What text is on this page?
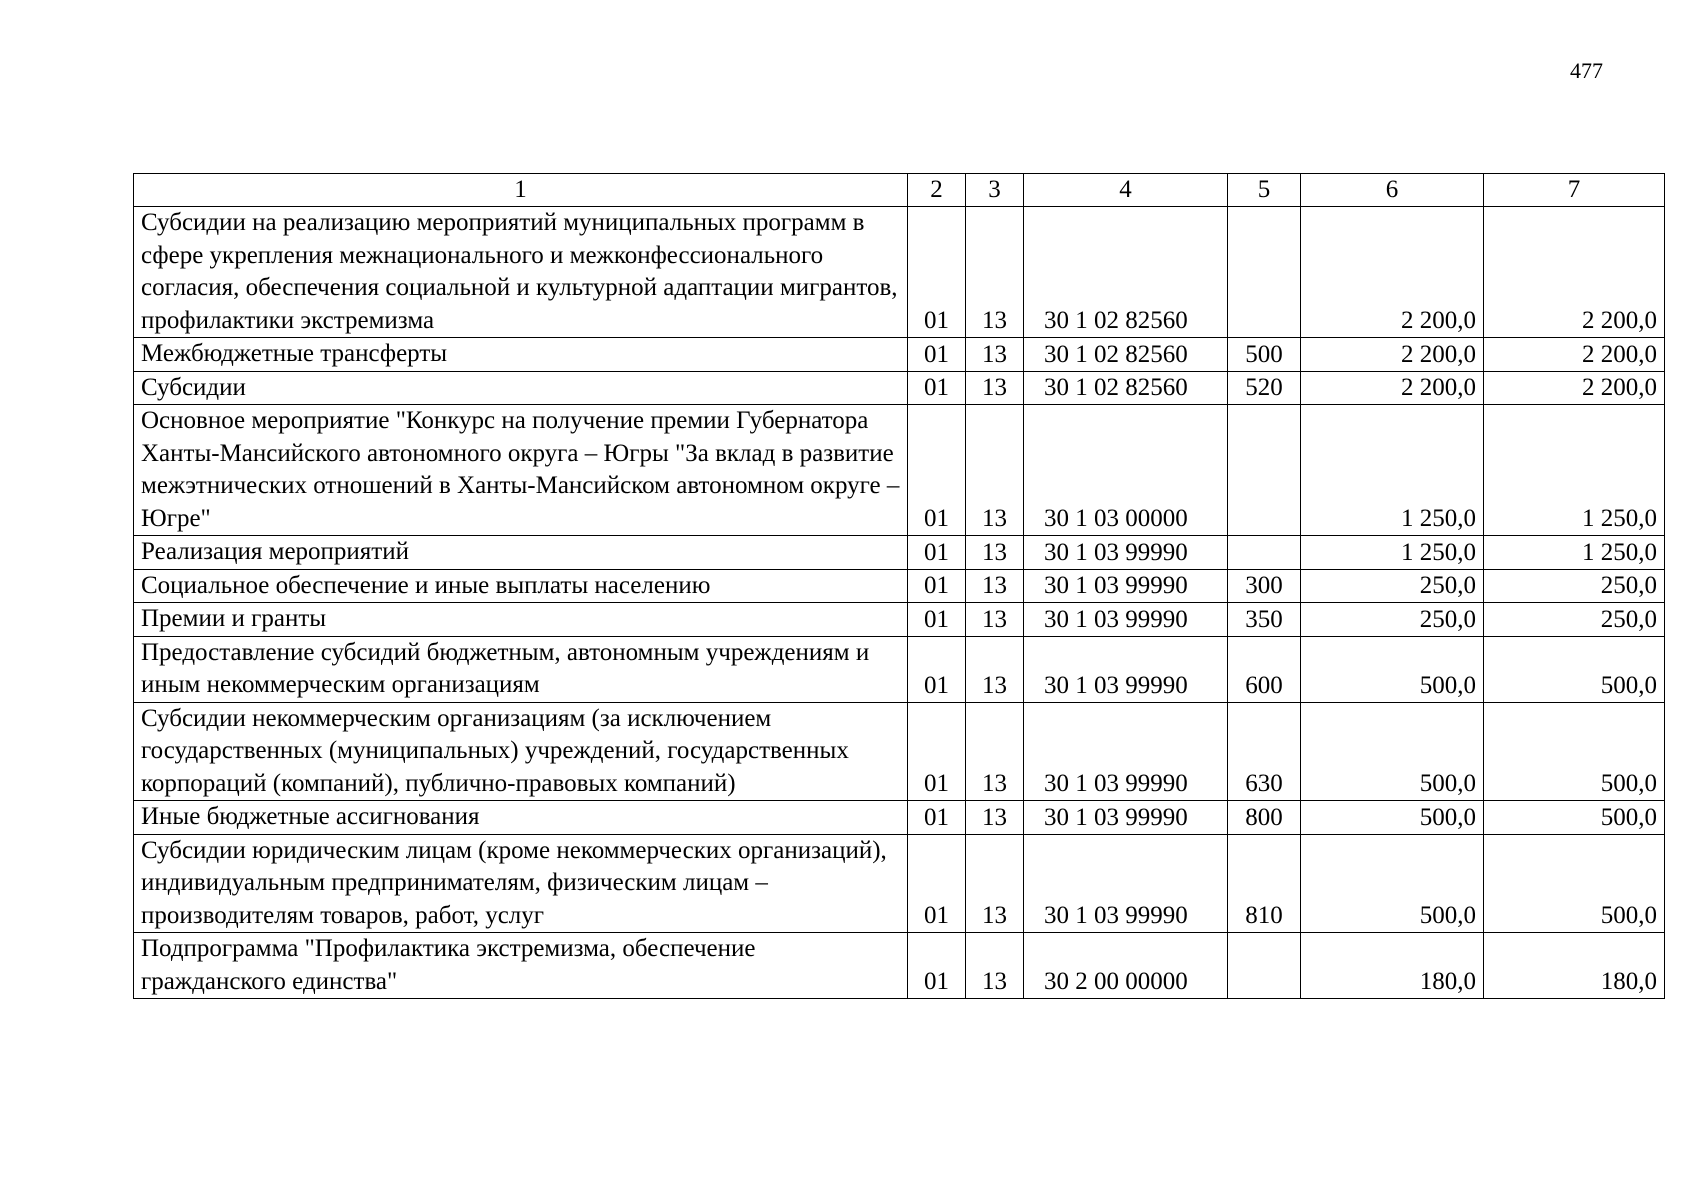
477
1	2	3	4	5	6	7
Субсидии на реализацию мероприятий муниципальных программ в сфере укрепления межнационального и межконфессионального согласия, обеспечения социальной и культурной адаптации мигрантов, профилактики экстремизма	01	13	30 1 02 82560		2 200,0	2 200,0
Межбюджетные трансферты	01	13	30 1 02 82560	500	2 200,0	2 200,0
Субсидии	01	13	30 1 02 82560	520	2 200,0	2 200,0
Основное мероприятие "Конкурс на получение премии Губернатора Ханты-Мансийского автономного округа – Югры "За вклад в развитие межэтнических отношений в Ханты-Мансийском автономном округе – Югре"	01	13	30 1 03 00000		1 250,0	1 250,0
Реализация мероприятий	01	13	30 1 03 99990		1 250,0	1 250,0
Социальное обеспечение и иные выплаты населению	01	13	30 1 03 99990	300	250,0	250,0
Премии и гранты	01	13	30 1 03 99990	350	250,0	250,0
Предоставление субсидий бюджетным, автономным учреждениям и иным некоммерческим организациям	01	13	30 1 03 99990	600	500,0	500,0
Субсидии некоммерческим организациям (за исключением государственных (муниципальных) учреждений, государственных корпораций (компаний), публично-правовых компаний)	01	13	30 1 03 99990	630	500,0	500,0
Иные бюджетные ассигнования	01	13	30 1 03 99990	800	500,0	500,0
Субсидии юридическим лицам (кроме некоммерческих организаций), индивидуальным предпринимателям, физическим лицам – производителям товаров, работ, услуг	01	13	30 1 03 99990	810	500,0	500,0
Подпрограмма "Профилактика экстремизма, обеспечение гражданского единства"	01	13	30 2 00 00000		180,0	180,0
